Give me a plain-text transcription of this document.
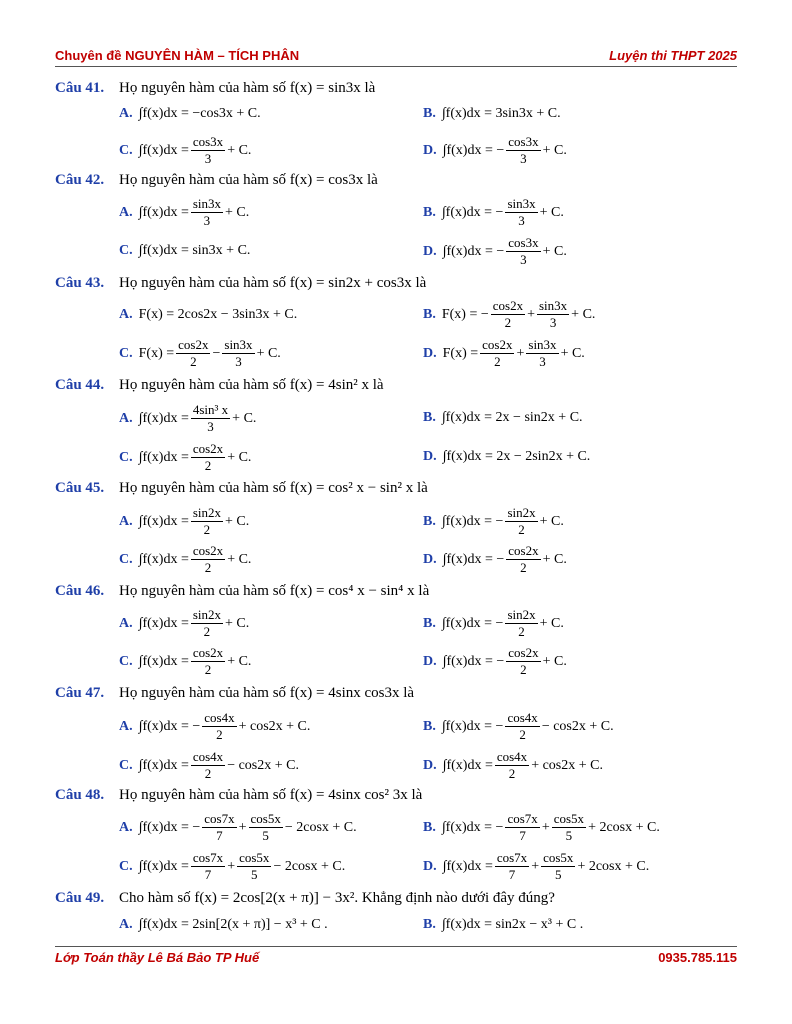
Chuyên đề NGUYÊN HÀM – TÍCH PHÂN	Luyện thi THPT 2025
Câu 41. Họ nguyên hàm của hàm số f(x) = sin3x là
A. ∫f(x)dx = −cos3x + C.	B. ∫f(x)dx = 3sin3x + C.
C. $\int f(x)dx = \frac{\cos 3x}{3} + C$.	D. ∫f(x)dx = − $\frac{\cos 3x}{3} + C$.
Câu 42. Họ nguyên hàm của hàm số f(x) = cos3x là
A. $\int f(x)dx = \frac{\sin 3x}{3} + C$.	B. ∫f(x)dx = − $\frac{\sin 3x}{3} + C$.
C. ∫f(x)dx = sin3x + C.	D. ∫f(x)dx = − $\frac{\cos 3x}{3} + C$.
Câu 43. Họ nguyên hàm của hàm số f(x) = sin2x + cos3x là
A. F(x) = 2cos2x − 3sin3x + C.	B. F(x) = − $\frac{\cos 2x}{2} + \frac{\sin 3x}{3} + C$.
C. $F(x) = \frac{\cos 2x}{2} - \frac{\sin 3x}{3} + C$.	D. $F(x) = \frac{\cos 2x}{2} + \frac{\sin 3x}{3} + C$.
Câu 44. Họ nguyên hàm của hàm số f(x) = 4sin² x là
A. $\int f(x)dx = \frac{\text{4sin³ x}}{3} + C$.	B. ∫f(x)dx = 2x − sin2x + C.
C. $\int f(x)dx = \frac{\cos 2x}{2} + C$.	D. ∫f(x)dx = 2x − 2sin2x + C.
Câu 45. Họ nguyên hàm của hàm số f(x) = cos² x − sin² x là
A. $\int f(x)dx = \frac{\sin 2x}{2} + C$.	B. ∫f(x)dx = − $\frac{\sin 2x}{2} + C$.
C. $\int f(x)dx = \frac{\cos 2x}{2} + C$.	D. ∫f(x)dx = − $\frac{\cos 2x}{2} + C$.
Câu 46. Họ nguyên hàm của hàm số f(x) = cos⁴ x − sin⁴ x là
A. $\int f(x)dx = \frac{\sin 2x}{2} + C$.	B. ∫f(x)dx = − $\frac{\sin 2x}{2} + C$.
C. $\int f(x)dx = \frac{\cos 2x}{2} + C$.	D. ∫f(x)dx = − $\frac{\cos 2x}{2} + C$.
Câu 47. Họ nguyên hàm của hàm số f(x) = 4sinx cos3x là
A. ∫f(x)dx = − $\frac{\cos 4x}{2} + \cos 2x + C$.	B. ∫f(x)dx = − $\frac{\cos 4x}{2} - \cos 2x + C$.
C. $\int f(x)dx = \frac{\cos 4x}{2} - \cos 2x + C$.	D. $\int f(x)dx = \frac{\cos 4x}{2} + \cos 2x + C$.
Câu 48. Họ nguyên hàm của hàm số f(x) = 4sinx cos² 3x là
A. ∫f(x)dx = − $\frac{\cos 7x}{7} + \frac{\cos 5x}{5} - 2\cos x + C$.	B. ∫f(x)dx = − $\frac{\cos 7x}{7} + \frac{\cos 5x}{5} + 2\cos x + C$.
C. $\int f(x)dx = \frac{\cos 7x}{7} + \frac{\cos 5x}{5} - 2\cos x + C$.	D. $\int f(x)dx = \frac{\cos 7x}{7} + \frac{\cos 5x}{5} + 2\cos x + C$.
Câu 49. Cho hàm số f(x) = 2cos[2(x + π)] − 3x². Khẳng định nào dưới đây đúng?
A. ∫f(x)dx = 2sin[2(x + π)] − x³ + C .	B. ∫f(x)dx = sin2x − x³ + C .
Lớp Toán thầy Lê Bá Bảo TP Huế	0935.785.115
